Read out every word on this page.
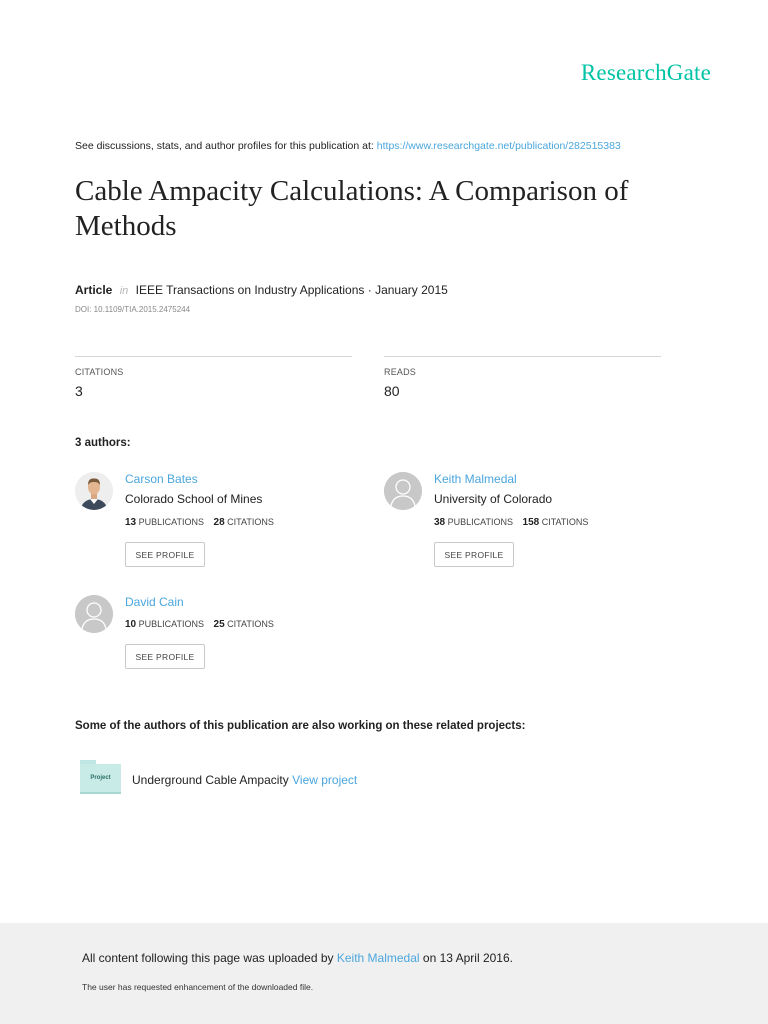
ResearchGate
See discussions, stats, and author profiles for this publication at: https://www.researchgate.net/publication/282515383
Cable Ampacity Calculations: A Comparison of Methods
Article in IEEE Transactions on Industry Applications · January 2015
DOI: 10.1109/TIA.2015.2475244
CITATIONS
3
READS
80
3 authors:
Carson Bates
Colorado School of Mines
13 PUBLICATIONS 28 CITATIONS
SEE PROFILE
Keith Malmedal
University of Colorado
38 PUBLICATIONS 158 CITATIONS
SEE PROFILE
David Cain
10 PUBLICATIONS 25 CITATIONS
SEE PROFILE
Some of the authors of this publication are also working on these related projects:
Project	Underground Cable Ampacity View project
All content following this page was uploaded by Keith Malmedal on 13 April 2016.
The user has requested enhancement of the downloaded file.
